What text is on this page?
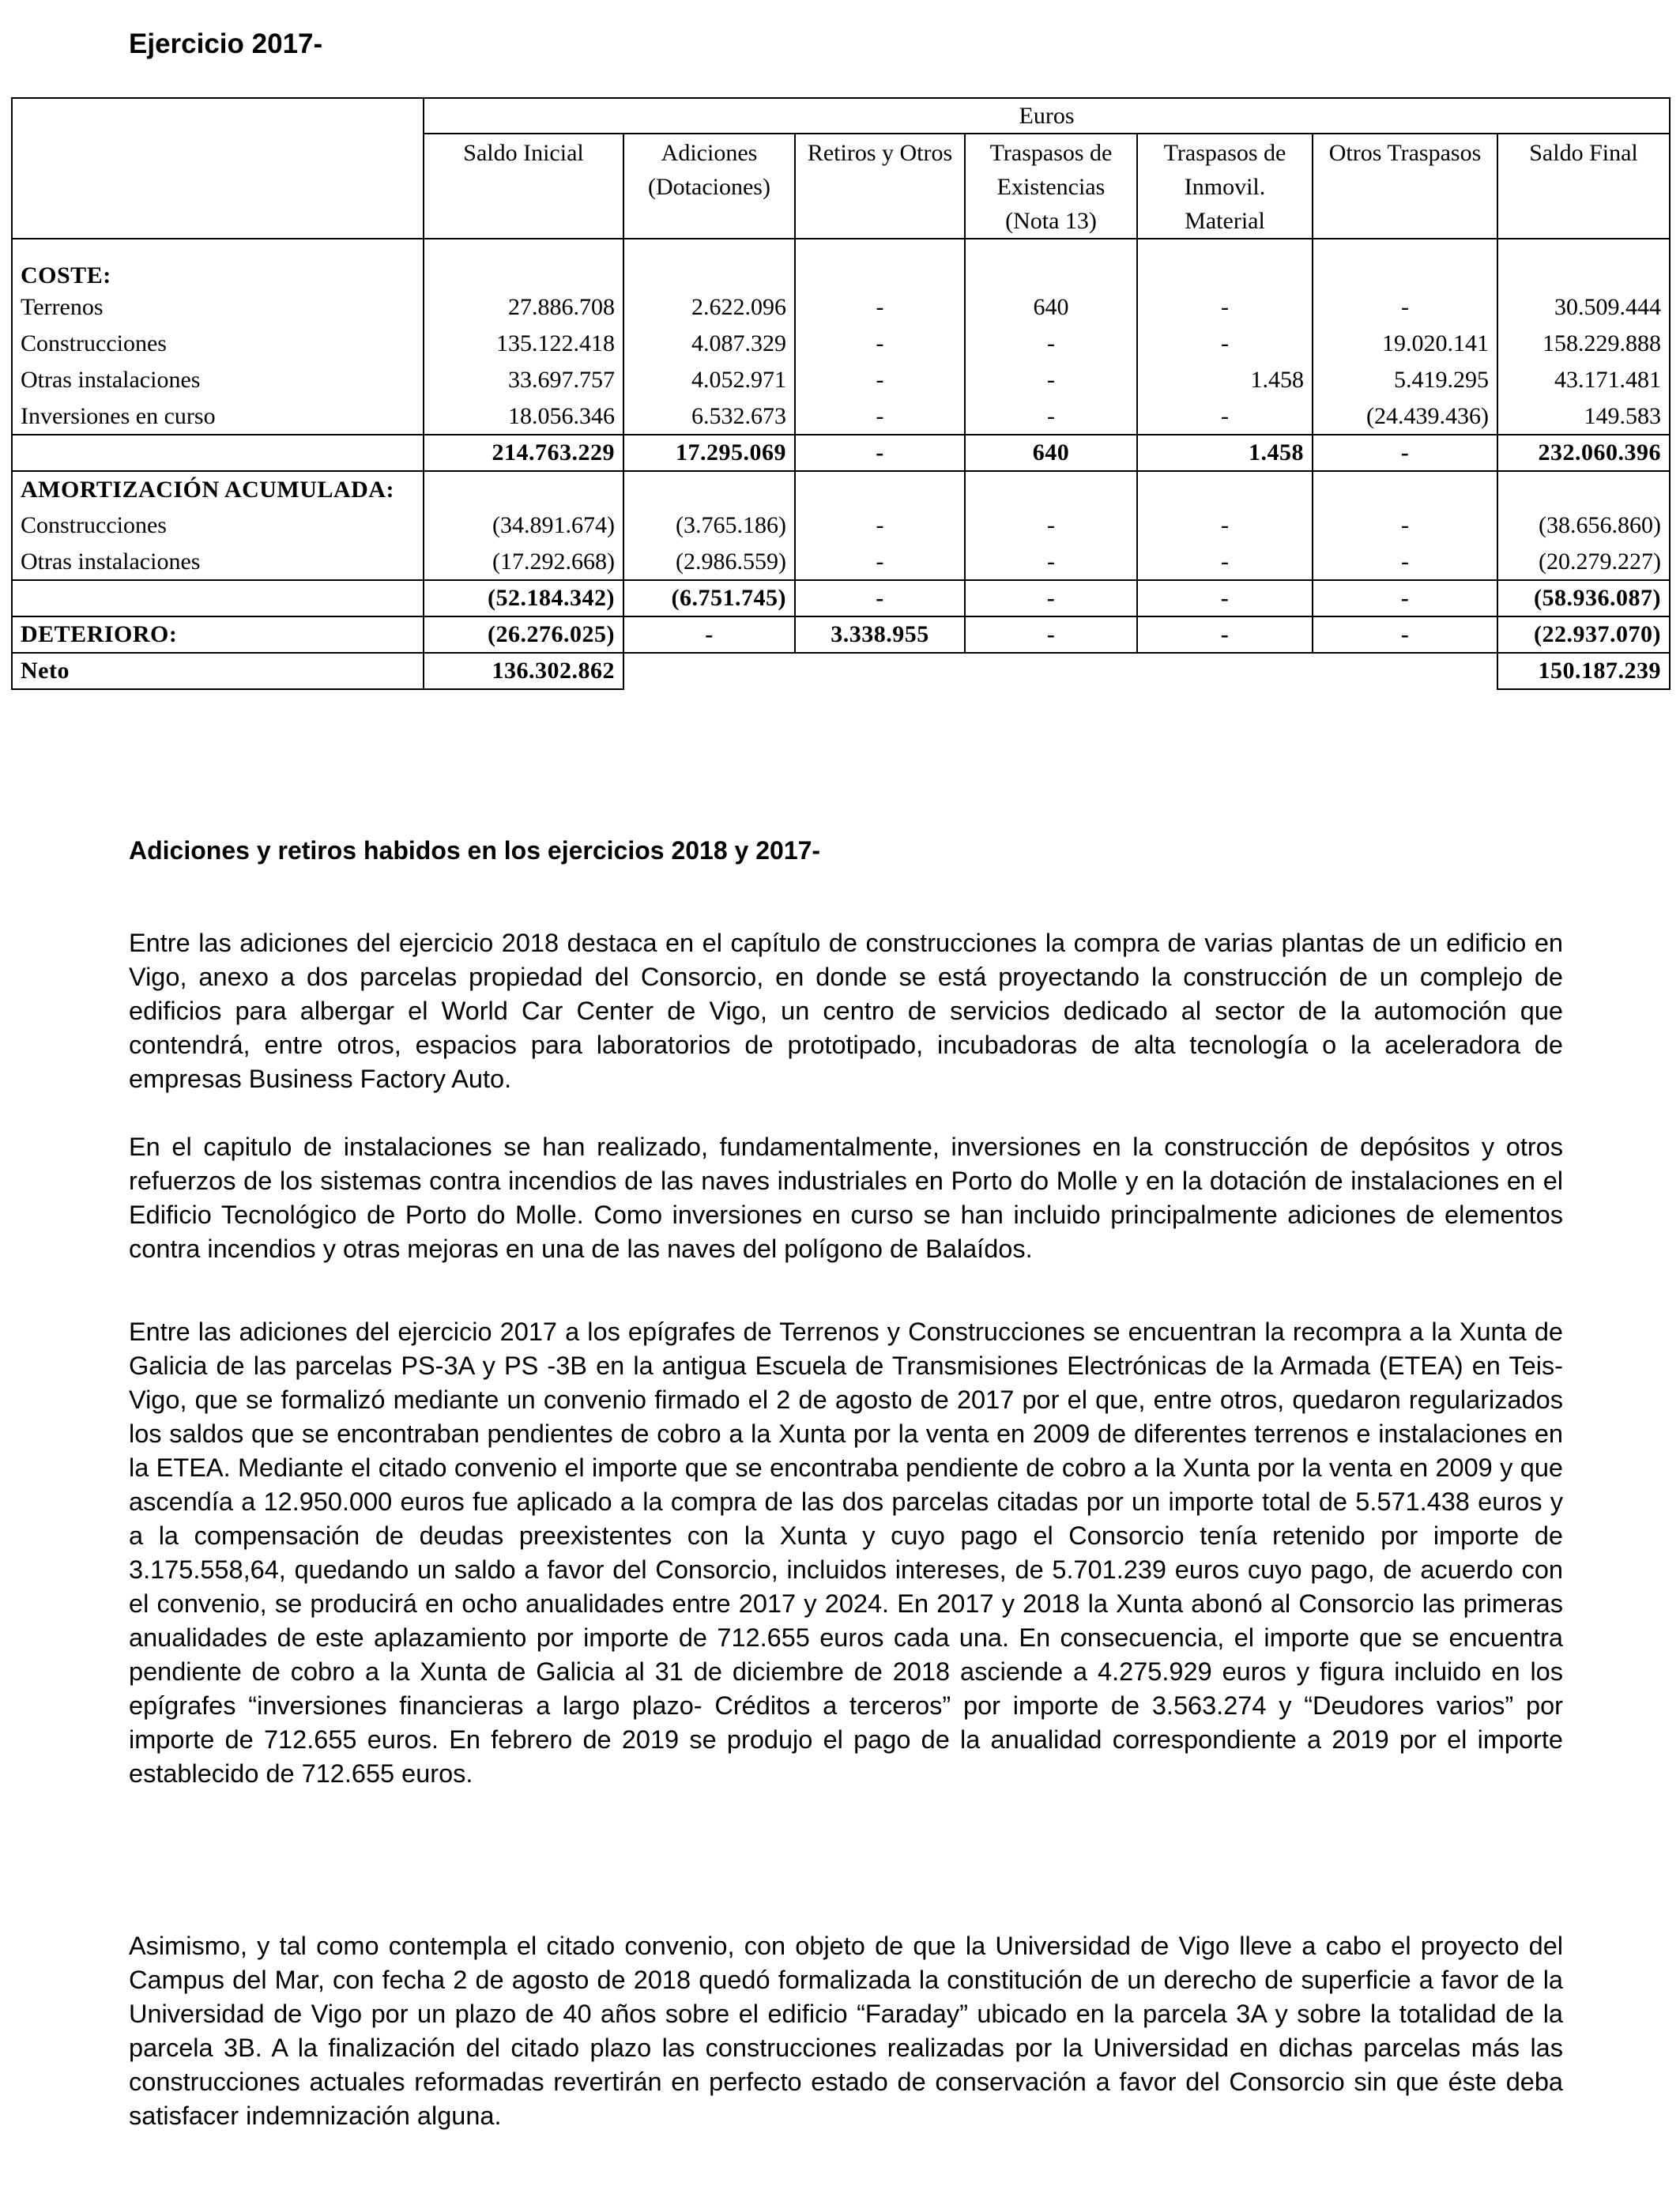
Ejercicio 2017-
	Euros						
	Saldo Inicial	Adiciones (Dotaciones)	Retiros y Otros	Traspasos de Existencias (Nota 13)	Traspasos de Inmovil. Material	Otros Traspasos	Saldo Final
COSTE:							
Terrenos	27.886.708	2.622.096	-	640	-	-	30.509.444
Construcciones	135.122.418	4.087.329	-	-	-	19.020.141	158.229.888
Otras instalaciones	33.697.757	4.052.971	-	-	1.458	5.419.295	43.171.481
Inversiones en curso	18.056.346	6.532.673	-	-	-	(24.439.436)	149.583
	214.763.229	17.295.069	-	640	1.458	-	232.060.396
AMORTIZACIÓN ACUMULADA:							
Construcciones	(34.891.674)	(3.765.186)	-	-	-	-	(38.656.860)
Otras instalaciones	(17.292.668)	(2.986.559)	-	-	-	-	(20.279.227)
	(52.184.342)	(6.751.745)	-	-	-	-	(58.936.087)
DETERIORO:	(26.276.025)	-	3.338.955	-	-	-	(22.937.070)
Neto	136.302.862						150.187.239
Adiciones y retiros habidos en los ejercicios 2018 y 2017-

Entre las adiciones del ejercicio 2018 destaca en el capítulo de construcciones la compra de varias plantas de un edificio en Vigo, anexo a dos parcelas propiedad del Consorcio, en donde se está proyectando la construcción de un complejo de edificios para albergar el World Car Center de Vigo, un centro de servicios dedicado al sector de la automoción que contendrá, entre otros, espacios para laboratorios de prototipado, incubadoras de alta tecnología o la aceleradora de empresas Business Factory Auto.

En el capitulo de instalaciones se han realizado, fundamentalmente, inversiones en la construcción de depósitos y otros refuerzos de los sistemas contra incendios de las naves industriales en Porto do Molle y en la dotación de instalaciones en el Edificio Tecnológico de Porto do Molle. Como inversiones en curso se han incluido principalmente adiciones de elementos contra incendios y otras mejoras en una de las naves del polígono de Balaídos.

Entre las adiciones del ejercicio 2017 a los epígrafes de Terrenos y Construcciones se encuentran la recompra a la Xunta de Galicia de las parcelas PS-3A y PS -3B en la antigua Escuela de Transmisiones Electrónicas de la Armada (ETEA) en Teis-Vigo, que se formalizó mediante un convenio firmado el 2 de agosto de 2017 por el que, entre otros, quedaron regularizados los saldos que se encontraban pendientes de cobro a la Xunta por la venta en 2009 de diferentes terrenos e instalaciones en la ETEA. Mediante el citado convenio el importe que se encontraba pendiente de cobro a la Xunta por la venta en 2009 y que ascendía a 12.950.000 euros fue aplicado a la compra de las dos parcelas citadas por un importe total de 5.571.438 euros y a la compensación de deudas preexistentes con la Xunta y cuyo pago el Consorcio tenía retenido por importe de 3.175.558,64, quedando un saldo a favor del Consorcio, incluidos intereses, de 5.701.239 euros cuyo pago, de acuerdo con el convenio, se producirá en ocho anualidades entre 2017 y 2024. En 2017 y 2018 la Xunta abonó al Consorcio las primeras anualidades de este aplazamiento por importe de 712.655 euros cada una. En consecuencia, el importe que se encuentra pendiente de cobro a la Xunta de Galicia al 31 de diciembre de 2018 asciende a 4.275.929 euros y figura incluido en los epígrafes “inversiones financieras a largo plazo- Créditos a terceros” por importe de 3.563.274 y “Deudores varios” por importe de 712.655 euros. En febrero de 2019 se produjo el pago de la anualidad correspondiente a 2019 por el importe establecido de 712.655 euros.

Asimismo, y tal como contempla el citado convenio, con objeto de que la Universidad de Vigo lleve a cabo el proyecto del Campus del Mar, con fecha 2 de agosto de 2018 quedó formalizada la constitución de un derecho de superficie a favor de la Universidad de Vigo por un plazo de 40 años sobre el edificio “Faraday” ubicado en la parcela 3A y sobre la totalidad de la parcela 3B. A la finalización del citado plazo las construcciones realizadas por la Universidad en dichas parcelas más las construcciones actuales reformadas revertirán en perfecto estado de conservación a favor del Consorcio sin que éste deba satisfacer indemnización alguna.
